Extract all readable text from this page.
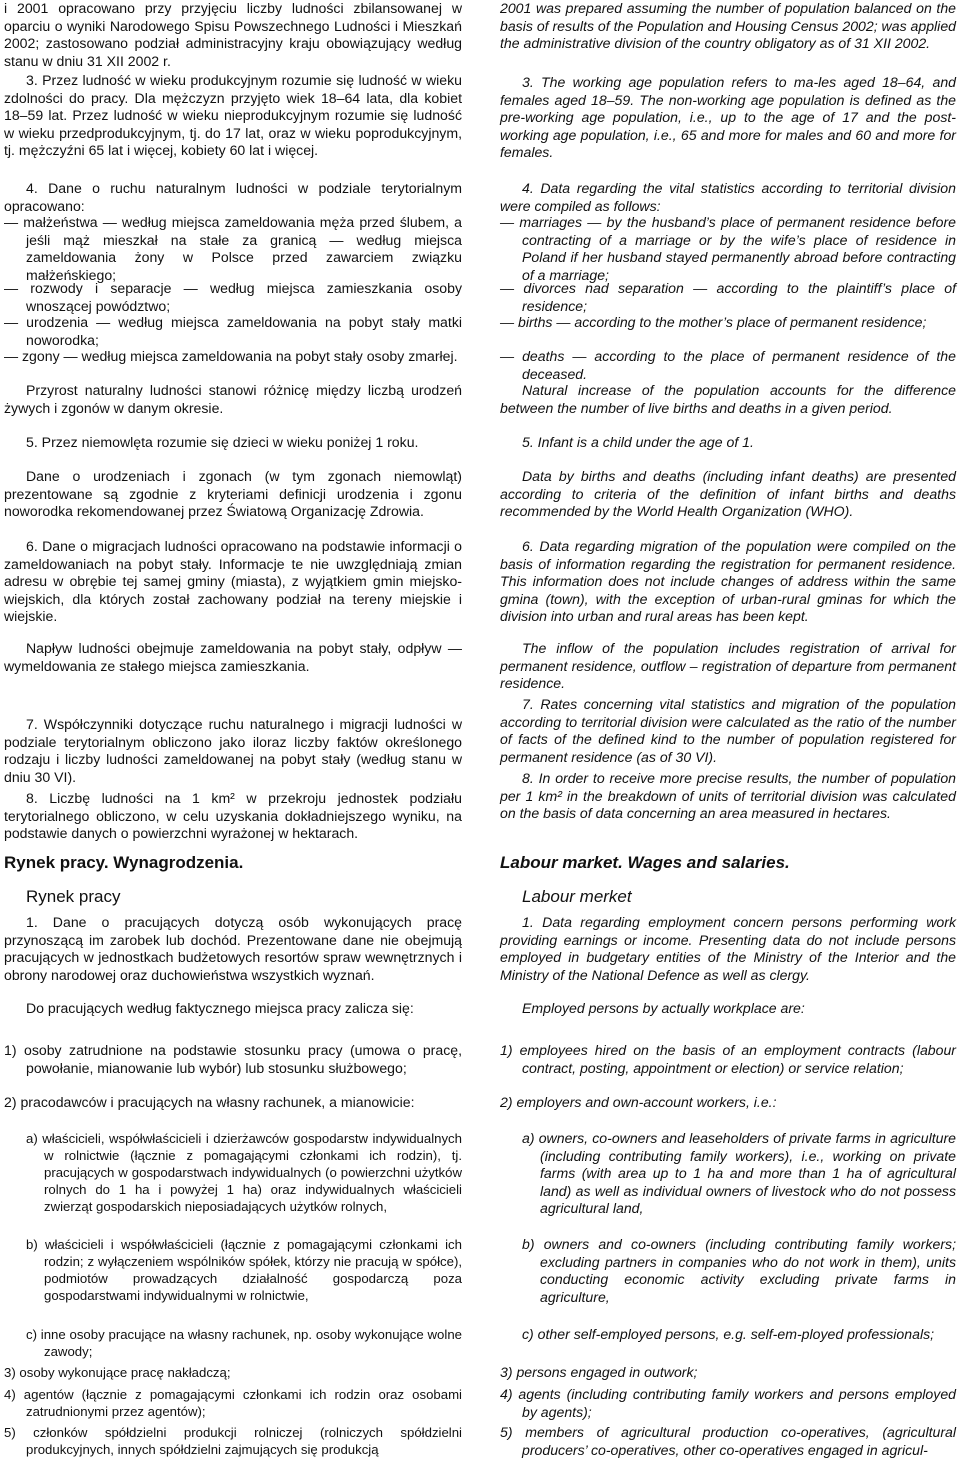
i 2001 opracowano przy przyjęciu liczby ludności zbilansowanej w oparciu o wyniki Narodowego Spisu Powszechnego Ludności i Mieszkań 2002; zastosowano podział administracyjny kraju obowiązujący według stanu w dniu 31 XII 2002 r.

3. Przez ludność w wieku produkcyjnym rozumie się ludność w wieku zdolności do pracy. Dla mężczyzn przyjęto wiek 18–64 lata, dla kobiet 18–59 lat. Przez ludność w wieku nieprodukcyjnym rozumie się ludność w wieku przedprodukcyjnym, tj. do 17 lat, oraz w wieku poprodukcyjnym, tj. mężczyźni 65 lat i więcej, kobiety 60 lat i więcej.

4. Dane o ruchu naturalnym ludności w podziale terytorialnym opracowano:

— małżeństwa — według miejsca zameldowania męża przed ślubem, a jeśli mąż mieszkał na stałe za granicą — według miejsca zameldowania żony w Polsce przed zawarciem związku małżeńskiego;

— rozwody i separacje — według miejsca zamieszkania osoby wnoszącej powództwo;

— urodzenia — według miejsca zameldowania na pobyt stały matki noworodka;

— zgony — według miejsca zameldowania na pobyt stały osoby zmarłej.

Przyrost naturalny ludności stanowi różnicę między liczbą urodzeń żywych i zgonów w danym okresie.

5. Przez niemowlęta rozumie się dzieci w wieku poniżej 1 roku.

Dane o urodzeniach i zgonach (w tym zgonach niemowląt) prezentowane są zgodnie z kryteriami definicji urodzenia i zgonu noworodka rekomendowanej przez Światową Organizację Zdrowia.

6. Dane o migracjach ludności opracowano na podstawie informacji o zameldowaniach na pobyt stały. Informacje te nie uwzględniają zmian adresu w obrębie tej samej gminy (miasta), z wyjątkiem gmin miejsko-wiejskich, dla których został zachowany podział na tereny miejskie i wiejskie.

Napływ ludności obejmuje zameldowania na pobyt stały, odpływ — wymeldowania ze stałego miejsca zamieszkania.

7. Współczynniki dotyczące ruchu naturalnego i migracji ludności w podziale terytorialnym obliczono jako iloraz liczby faktów określonego rodzaju i liczby ludności zameldowanej na pobyt stały (według stanu w dniu 30 VI).

8. Liczbę ludności na 1 km² w przekroju jednostek podziału terytorialnego obliczono, w celu uzyskania dokładniejszego wyniku, na podstawie danych o powierzchni wyrażonej w hektarach.

Rynek pracy. Wynagrodzenia.

Rynek pracy

1. Dane o pracujących dotyczą osób wykonujących pracę przynoszącą im zarobek lub dochód. Prezentowane dane nie obejmują pracujących w jednostkach budżetowych resortów spraw wewnętrznych i obrony narodowej oraz duchowieństwa wszystkich wyznań.

Do pracujących według faktycznego miejsca pracy zalicza się:

1) osoby zatrudnione na podstawie stosunku pracy (umowa o pracę, powołanie, mianowanie lub wybór) lub stosunku służbowego;

2) pracodawców i pracujących na własny rachunek, a mianowicie:

a) właścicieli, współwłaścicieli i dzierżawców gospodarstw indywidualnych w rolnictwie (łącznie z pomagającymi członkami ich rodzin), tj. pracujących w gospodarstwach indywidualnych (o powierzchni użytków rolnych do 1 ha i powyżej 1 ha) oraz indywidualnych właścicieli zwierząt gospodarskich nieposiadających użytków rolnych,

b) właścicieli i współwłaścicieli (łącznie z pomagającymi członkami ich rodzin; z wyłączeniem wspólników spółek, którzy nie pracują w spółce), podmiotów prowadzących działalność gospodarczą poza gospodarstwami indywidualnymi w rolnictwie,

c) inne osoby pracujące na własny rachunek, np. osoby wykonujące wolne zawody;

3) osoby wykonujące pracę nakładczą;

4) agentów (łącznie z pomagającymi członkami ich rodzin oraz osobami zatrudnionymi przez agentów);

5) członków spółdzielni produkcji rolniczej (rolniczych spółdzielni produkcyjnych, innych spółdzielni zajmujących się produkcją

2001 was prepared assuming the number of population balanced on the basis of results of the Population and Housing Census 2002; was applied the administrative division of the country obligatory as of 31 XII 2002.

3. The working age population refers to ma-les aged 18–64, and females aged 18–59. The non-working age population is defined as the pre-working age population, i.e., up to the age of 17 and the post-working age population, i.e., 65 and more for males and 60 and more for females.

4. Data regarding the vital statistics according to territorial division were compiled as follows:

— marriages — by the husband’s place of permanent residence before contracting of a marriage or by the wife’s place of residence in Poland if her husband stayed permanently abroad before contracting of a marriage;

— divorces nad separation — according to the plaintiff’s place of residence;

— births — according to the mother’s place of permanent residence;

— deaths — according to the place of permanent residence of the deceased.

Natural increase of the population accounts for the difference between the number of live births and deaths in a given period.

5. Infant is a child under the age of 1.

Data by births and deaths (including infant deaths) are presented according to criteria of the definition of infant births and deaths recommended by the World Health Organization (WHO).

6. Data regarding migration of the population were compiled on the basis of information regarding the registration for permanent residence. This information does not include changes of address within the same gmina (town), with the exception of urban-rural gminas for which the division into urban and rural areas has been kept.

The inflow of the population includes registration of arrival for permanent residence, outflow – registration of departure from permanent residence.

7. Rates concerning vital statistics and migration of the population according to territorial division were calculated as the ratio of the number of facts of the defined kind to the number of population registered for permanent residence (as of 30 VI).

8. In order to receive more precise results, the number of population per 1 km² in the breakdown of units of territorial division was calculated on the basis of data concerning an area measured in hectares.

Labour market. Wages and salaries.

Labour merket

1. Data regarding employment concern persons performing work providing earnings or income. Presenting data do not include persons employed in budgetary entities of the Ministry of the Interior and the Ministry of the National Defence as well as clergy.

Employed persons by actually workplace are:

1) employees hired on the basis of an employment contracts (labour contract, posting, appointment or election) or service relation;

2) employers and own-account workers, i.e.:

a) owners, co-owners and leaseholders of private farms in agriculture (including contributing family workers), i.e., working on private farms (with area up to 1 ha and more than 1 ha of agricultural land) as well as individual owners of livestock who do not possess agricultural land,

b) owners and co-owners (including contributing family workers; excluding partners in companies who do not work in them), units conducting economic activity excluding private farms in agriculture,

c) other self-employed persons, e.g. self-em-ployed professionals;

3) persons engaged in outwork;

4) agents (including contributing family workers and persons employed by agents);

5) members of agricultural production co-operatives, (agricultural producers’ co-operatives, other co-operatives engaged in agricul-
